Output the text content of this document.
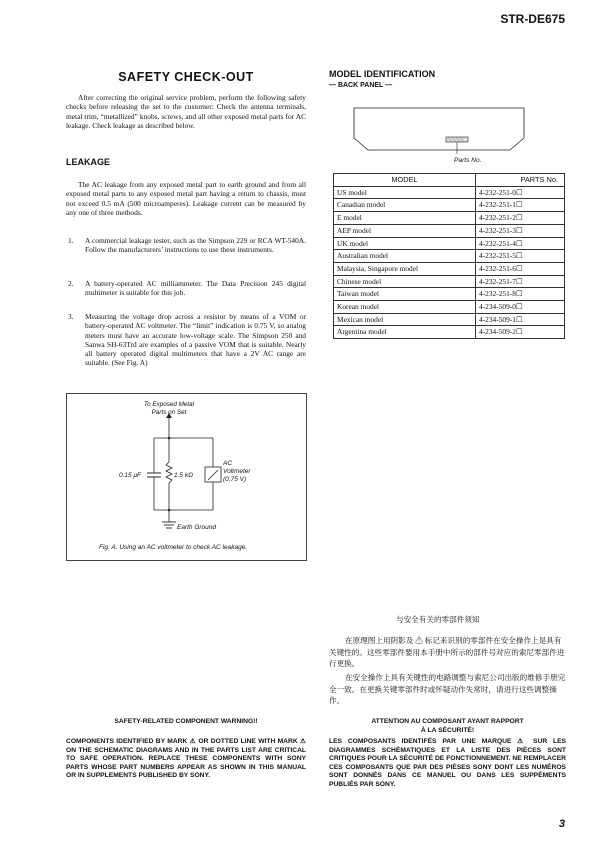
STR-DE675
SAFETY CHECK-OUT
After correcting the original service problem, perform the following safety checks before releasing the set to the customer: Check the antenna terminals, metal trim, “metallized” knobs, screws, and all other exposed metal parts for AC leakage. Check leakage as described below.
LEAKAGE
The AC leakage from any exposed metal part to earth ground and from all exposed metal parts to any exposed metal part having a return to chassis, must not exceed 0.5 mA (500 microamperes). Leakage current can be measured by any one of three methods.
1. A commercial leakage tester, such as the Simpson 229 or RCA WT-540A. Follow the manufacturers’ instructions to use these instruments.
2. A battery-operated AC milliammeter. The Data Precision 245 digital multimeter is suitable for this job.
3. Measuring the voltage drop across a resistor by means of a VOM or battery-operated AC voltmeter. The “limit” indication is 0.75 V, so analog meters must have an accurate low-voltage scale. The Simpson 250 and Sanwa SH-63Trd are examples of a passive VOM that is suitable. Nearly all battery operated digital multimeters that have a 2V AC range are suitable. (See Fig. A)
To Exposed Metal
Parts on Set
0.15 μF	1.5 kΩ
AC
Voltmeter
(0.75 V)
Earth Ground
Fig. A. Using an AC voltmeter to check AC leakage.
MODEL IDENTIFICATION
— BACK PANEL —
Parts No.
MODEL	PARTS No.
US model	4-232-251-0☐
Canadian model	4-232-251-1☐
E model	4-232-251-2☐
AEP model	4-232-251-3☐
UK model	4-232-251-4☐
Australian model	4-232-251-5☐
Malaysia, Singapore model	4-232-251-6☐
Chinese model	4-232-251-7☐
Taiwan model	4-232-251-8☐
Korean model	4-234-509-0☐
Mexican model	4-234-509-1☐
Argentina model	4-234-509-2☐
与安全有关的零部件须知
在原理图上用阴影及 ⚠ 标记来识别的零部件在安全操作上是具有关键性的。这些零部件要用本手册中所示的部件号对应的索尼零部件进行更换。
在安全操作上具有关键性的电路调整与索尼公司出版的维修手册完全一致。在更换关键零部件时或怀疑动作失常时，请进行这些调整操作。
SAFETY-RELATED COMPONENT WARNING!!
COMPONENTS IDENTIFIED BY MARK ⚠ OR DOTTED LINE WITH MARK ⚠ ON THE SCHEMATIC DIAGRAMS AND IN THE PARTS LIST ARE CRITICAL TO SAFE OPERATION. REPLACE THESE COMPONENTS WITH SONY PARTS WHOSE PART NUMBERS APPEAR AS SHOWN IN THIS MANUAL OR IN SUPPLEMENTS PUBLISHED BY SONY.
ATTENTION AU COMPOSANT AYANT RAPPORT
À LA SÉCURITÉ!
LES COMPOSANTS IDENTIFÉS PAR UNE MARQUE ⚠ SUR LES DIAGRAMMES SCHÉMATIQUES ET LA LISTE DES PIÈCES SONT CRITIQUES POUR LA SÉCURITÉ DE FONCTIONNEMENT. NE REMPLACER CES COMPOSANTS QUE PAR DES PIÈSES SONY DONT LES NUMÉROS SONT DONNÉS DANS CE MANUEL OU DANS LES SUPPÉMENTS PUBLIÉS PAR SONY.
3
